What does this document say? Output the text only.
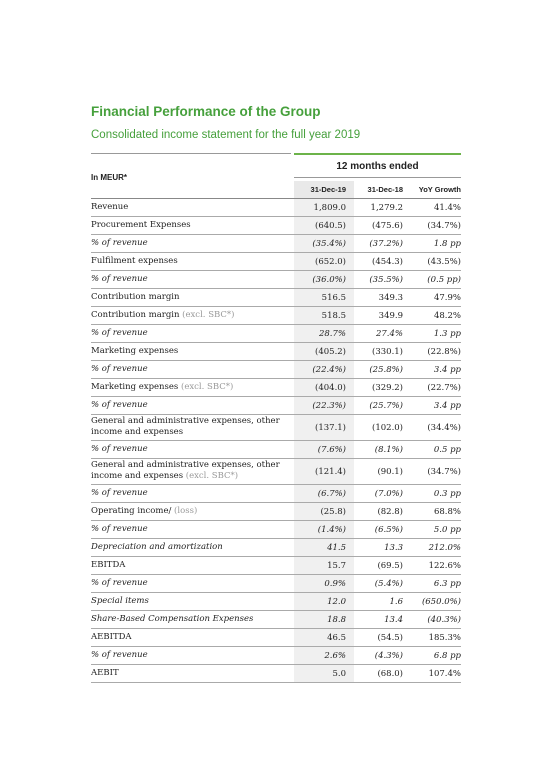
Financial Performance of the Group
Consolidated income statement for the full year 2019
12 months ended
In MEUR*
31-Dec-19	31-Dec-18	YoY Growth
Revenue	1,809.0	1,279.2	41.4%
Procurement Expenses	(640.5)	(475.6)	(34.7%)
% of revenue	(35.4%)	(37.2%)	1.8 pp
Fulfilment expenses	(652.0)	(454.3)	(43.5%)
% of revenue	(36.0%)	(35.5%)	(0.5 pp)
Contribution margin	516.5	349.3	47.9%
Contribution margin (excl. SBC*)	518.5	349.9	48.2%
% of revenue	28.7%	27.4%	1.3 pp
Marketing expenses	(405.2)	(330.1)	(22.8%)
% of revenue	(22.4%)	(25.8%)	3.4 pp
Marketing expenses (excl. SBC*)	(404.0)	(329.2)	(22.7%)
% of revenue	(22.3%)	(25.7%)	3.4 pp
General and administrative expenses, other income and expenses	(137.1)	(102.0)	(34.4%)
% of revenue	(7.6%)	(8.1%)	0.5 pp
General and administrative expenses, other income and expenses (excl. SBC*)	(121.4)	(90.1)	(34.7%)
% of revenue	(6.7%)	(7.0%)	0.3 pp
Operating income/ (loss)	(25.8)	(82.8)	68.8%
% of revenue	(1.4%)	(6.5%)	5.0 pp
Depreciation and amortization	41.5	13.3	212.0%
EBITDA	15.7	(69.5)	122.6%
% of revenue	0.9%	(5.4%)	6.3 pp
Special items	12.0	1.6	(650.0%)
Share-Based Compensation Expenses	18.8	13.4	(40.3%)
AEBITDA	46.5	(54.5)	185.3%
% of revenue	2.6%	(4.3%)	6.8 pp
AEBIT	5.0	(68.0)	107.4%
